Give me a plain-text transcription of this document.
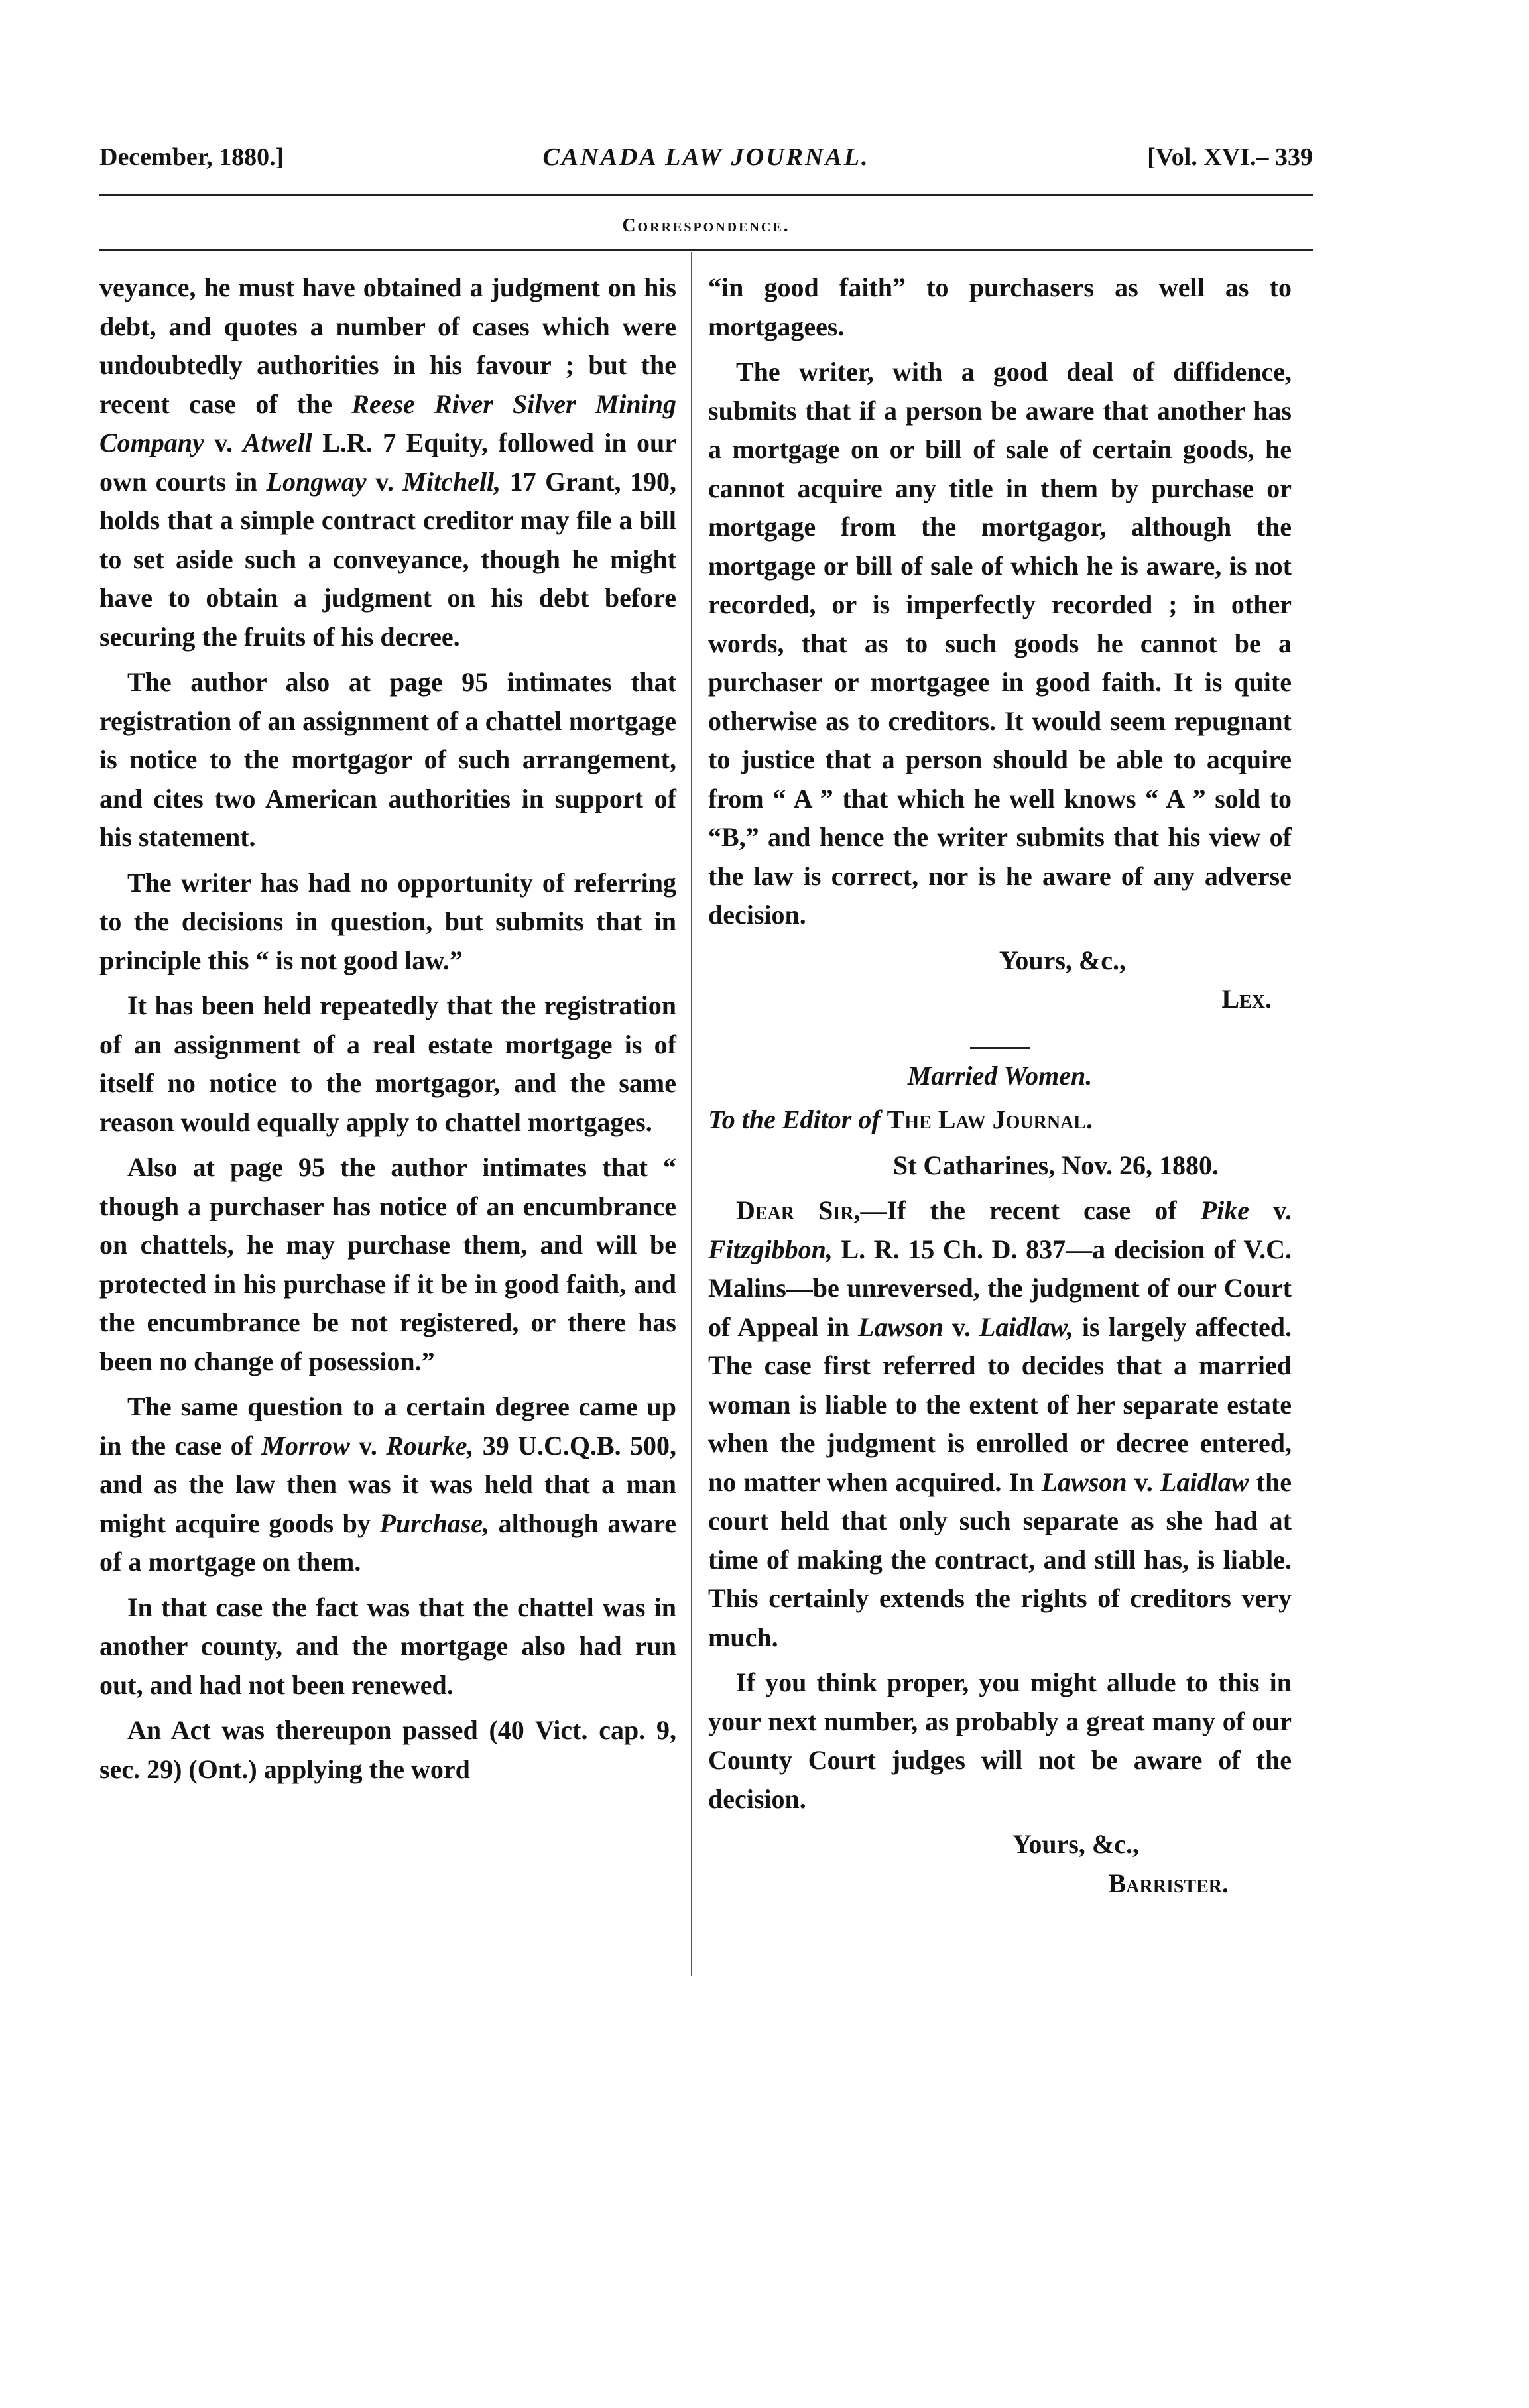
December, 1880.]	CANADA LAW JOURNAL.	[Vol. XVI.– 339
Correspondence.

veyance, he must have obtained a judgment on his debt, and quotes a number of cases which were undoubtedly authorities in his favour ; but the recent case of the Reese River Silver Mining Company v. Atwell L.R. 7 Equity, followed in our own courts in Longway v. Mitchell, 17 Grant, 190, holds that a simple contract creditor may file a bill to set aside such a conveyance, though he might have to obtain a judgment on his debt before securing the fruits of his decree.

The author also at page 95 intimates that registration of an assignment of a chattel mortgage is notice to the mortgagor of such arrangement, and cites two American authorities in support of his statement.

The writer has had no opportunity of referring to the decisions in question, but submits that in principle this “ is not good law.”

It has been held repeatedly that the registration of an assignment of a real estate mortgage is of itself no notice to the mortgagor, and the same reason would equally apply to chattel mortgages.

Also at page 95 the author intimates that “ though a purchaser has notice of an encumbrance on chattels, he may purchase them, and will be protected in his purchase if it be in good faith, and the encumbrance be not registered, or there has been no change of posession.”

The same question to a certain degree came up in the case of Morrow v. Rourke, 39 U.C.Q.B. 500, and as the law then was it was held that a man might acquire goods by Purchase, although aware of a mortgage on them.

In that case the fact was that the chattel was in another county, and the mortgage also had run out, and had not been renewed.

An Act was thereupon passed (40 Vict. cap. 9, sec. 29) (Ont.) applying the word

“in good faith” to purchasers as well as to mortgagees.

The writer, with a good deal of diffidence, submits that if a person be aware that another has a mortgage on or bill of sale of certain goods, he cannot acquire any title in them by purchase or mortgage from the mortgagor, although the mortgage or bill of sale of which he is aware, is not recorded, or is imperfectly recorded ; in other words, that as to such goods he cannot be a purchaser or mortgagee in good faith. It is quite otherwise as to creditors. It would seem repugnant to justice that a person should be able to acquire from “ A ” that which he well knows “ A ” sold to “B,” and hence the writer submits that his view of the law is correct, nor is he aware of any adverse decision.

Yours, &c.,
Lex.
Married Women.

To the Editor of The Law Journal.

St Catharines, Nov. 26, 1880.

Dear Sir,—If the recent case of Pike v. Fitzgibbon, L. R. 15 Ch. D. 837—a decision of V.C. Malins—be unreversed, the judgment of our Court of Appeal in Lawson v. Laidlaw, is largely affected. The case first referred to decides that a married woman is liable to the extent of her separate estate when the judgment is enrolled or decree entered, no matter when acquired. In Lawson v. Laidlaw the court held that only such separate as she had at time of making the contract, and still has, is liable. This certainly extends the rights of creditors very much.

If you think proper, you might allude to this in your next number, as probably a great many of our County Court judges will not be aware of the decision.

Yours, &c.,
Barrister.
